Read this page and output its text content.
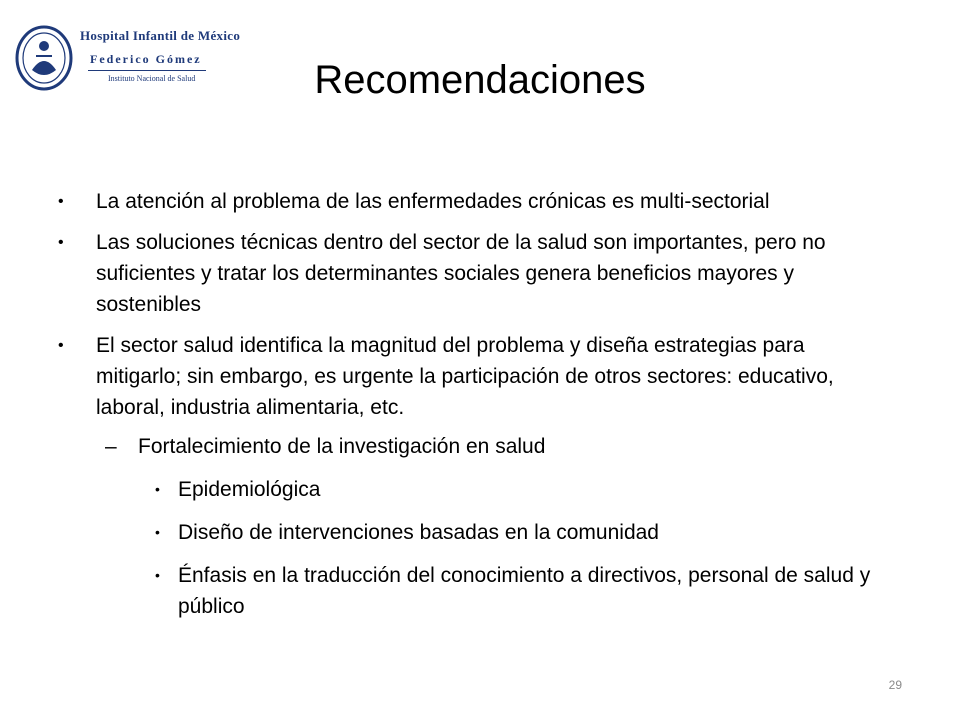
Hospital Infantil de México
Federico Gómez
Instituto Nacional de Salud	Recomendaciones
• La atención al problema de las enfermedades crónicas es multi-sectorial
• Las soluciones técnicas dentro del sector de la salud son importantes, pero no suficientes y tratar los determinantes sociales genera beneficios mayores y sostenibles
• El sector salud identifica la magnitud del problema y diseña estrategias para mitigarlo; sin embargo, es urgente la participación de otros sectores: educativo, laboral, industria alimentaria, etc.
– Fortalecimiento de la investigación en salud
• Epidemiológica
• Diseño de intervenciones basadas en la comunidad
• Énfasis en la traducción del conocimiento a directivos, personal de salud y público
29
